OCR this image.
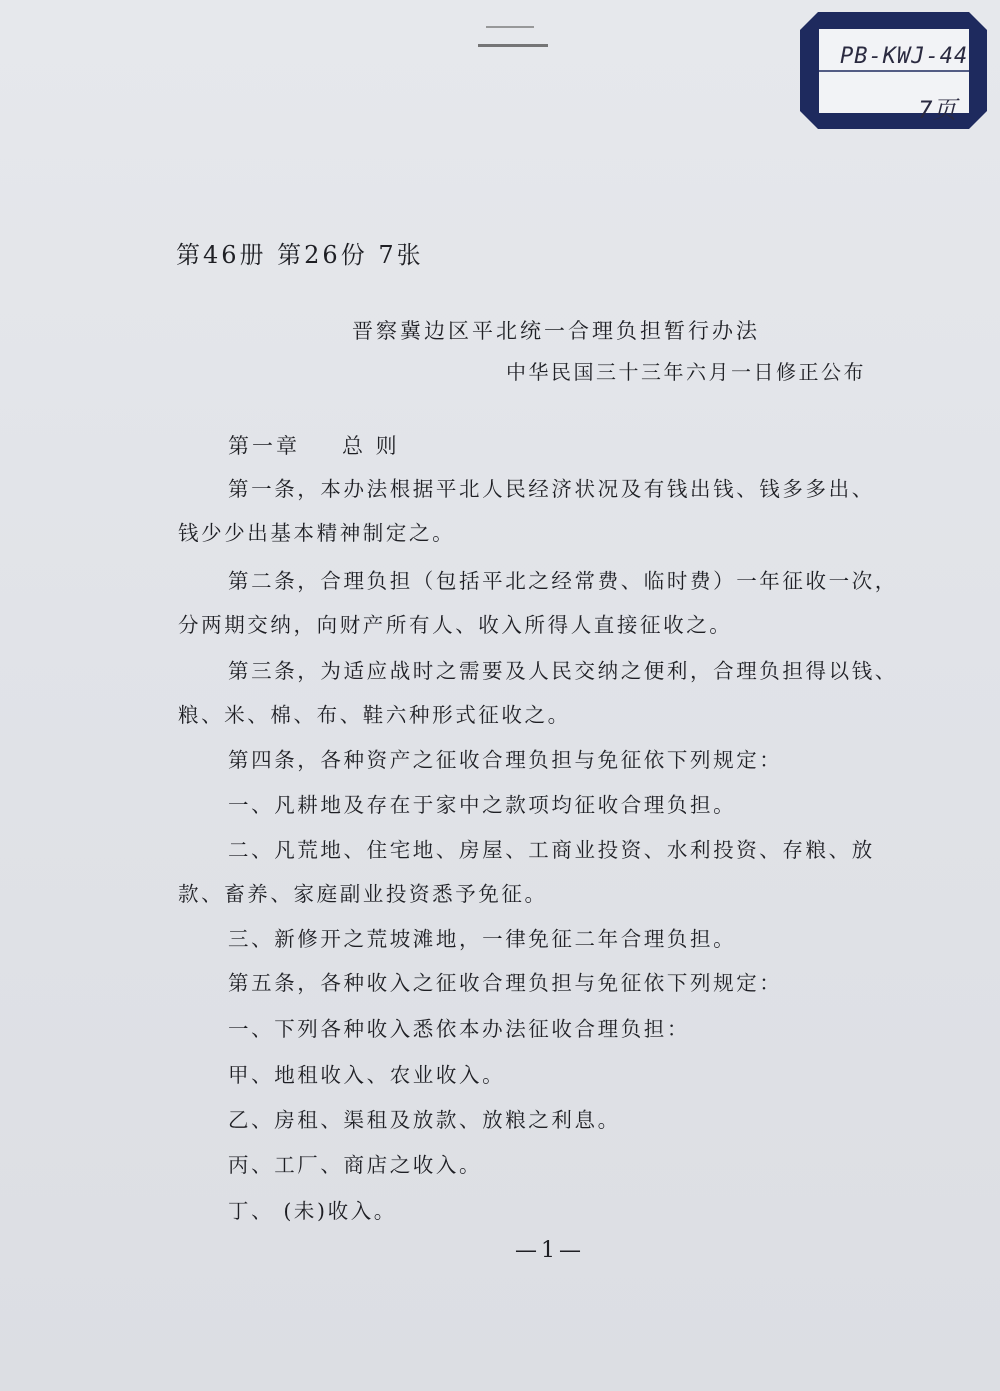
PB-KWJ-44
7页

第46册 第26份 7张
晋察冀边区平北统一合理负担暂行办法
中华民国三十三年六月一日修正公布
第一章 总 则
第一条，本办法根据平北人民经济状况及有钱出钱、钱多多出、
钱少少出基本精神制定之。
第二条，合理负担（包括平北之经常费、临时费）一年征收一次，
分两期交纳，向财产所有人、收入所得人直接征收之。
第三条，为适应战时之需要及人民交纳之便利，合理负担得以钱、
粮、米、棉、布、鞋六种形式征收之。
第四条，各种资产之征收合理负担与免征依下列规定：
一、凡耕地及存在于家中之款项均征收合理负担。
二、凡荒地、住宅地、房屋、工商业投资、水利投资、存粮、放
款、畜养、家庭副业投资悉予免征。
三、新修开之荒坡滩地，一律免征二年合理负担。
第五条，各种收入之征收合理负担与免征依下列规定：
一、下列各种收入悉依本办法征收合理负担：
甲、地租收入、农业收入。
乙、房租、渠租及放款、放粮之利息。
丙、工厂、商店之收入。
丁、 (未)收入。
—1—
